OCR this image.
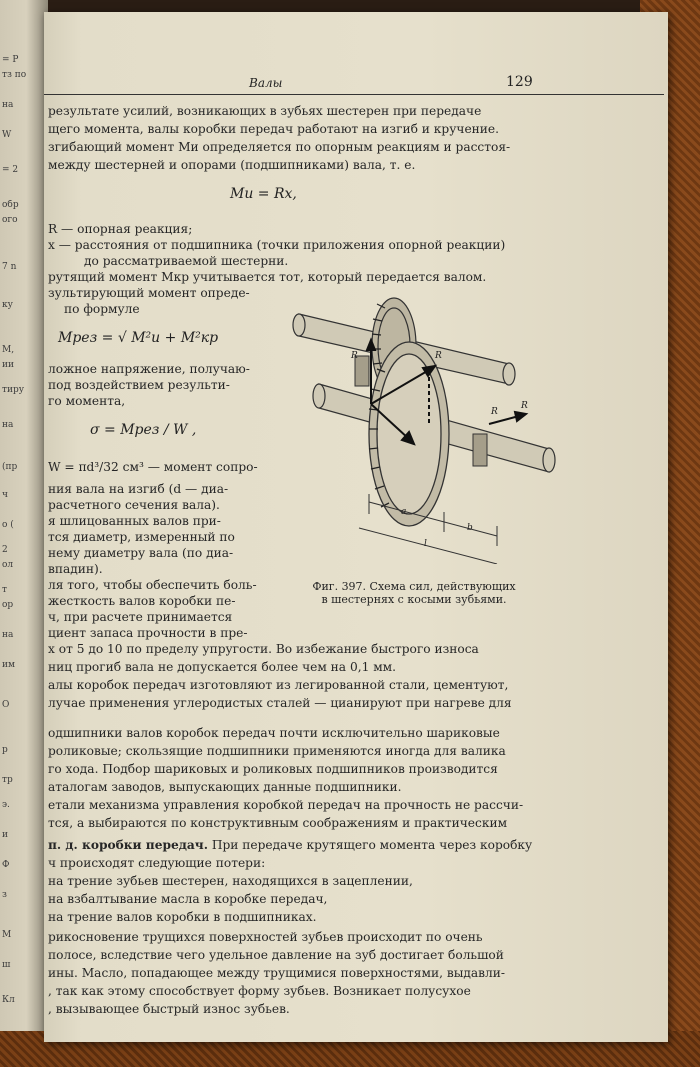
= Р
тз по
на
W
= 2
обр
ого
7 n
ку
М,
ии
тиру
на
(пр
ч
о (
2
ол
т
ор
на
им
О
p
тр
э.
и
Ф
з
М
ш
Кл
Валы	129
результате усилий, возникающих в зубьях шестерен при передаче
щего момента, валы коробки передач работают на изгиб и кручение.
згибающий момент Mи определяется по опорным реакциям и расстоя-
между шестерней и опорами (подшипниками) вала, т. е.
Mи = Rx,
R — опорная реакция;
x — расстояния от подшипника (точки приложения опорной реакции)
до рассматриваемой шестерни.
рутящий момент Mкр учитывается тот, который передается валом.
зультирующий момент опреде-
по формуле
Mрез = √ M²и + M²кр
ложное напряжение, получаю-
под воздействием результи-
го момента,
σ = Mрез / W ,
W = πd³/32 см³ — момент сопро-
ния вала на изгиб (d — диа-
расчетного сечения вала).
я шлицованных валов при-
тся диаметр, измеренный по
нему диаметру вала (по диа-
впадин).
ля того, чтобы обеспечить боль-
жесткость валов коробки пе-
ч, при расчете принимается
циент запаса прочности в пре-
R	R
R
R
a
l
b
Фиг. 397. Схема сил, действующих
в шестернях с косыми зубьями.
х от 5 до 10 по пределу упругости. Во избежание быстрого износа
ниц прогиб вала не допускается более чем на 0,1 мм.
алы коробок передач изготовляют из легированной стали, цементуют,
лучае применения углеродистых сталей — цианируют при нагреве для
одшипники валов коробок передач почти исключительно шариковые
роликовые; скользящие подшипники применяются иногда для валика
го хода. Подбор шариковых и роликовых подшипников производится
аталогам заводов, выпускающих данные подшипники.
етали механизма управления коробкой передач на прочность не рассчи-
тся, а выбираются по конструктивным соображениям и практическим
п. д. коробки передач. При передаче крутящего момента через коробку
ч происходят следующие потери:
на трение зубьев шестерен, находящихся в зацеплении,
на взбалтывание масла в коробке передач,
на трение валов коробки в подшипниках.
рикосновение трущихся поверхностей зубьев происходит по очень
полосе, вследствие чего удельное давление на зуб достигает большой
ины. Масло, попадающее между трущимися поверхностями, выдавли-
, так как этому способствует форму зубьев. Возникает полусухое
, вызывающее быстрый износ зубьев.
